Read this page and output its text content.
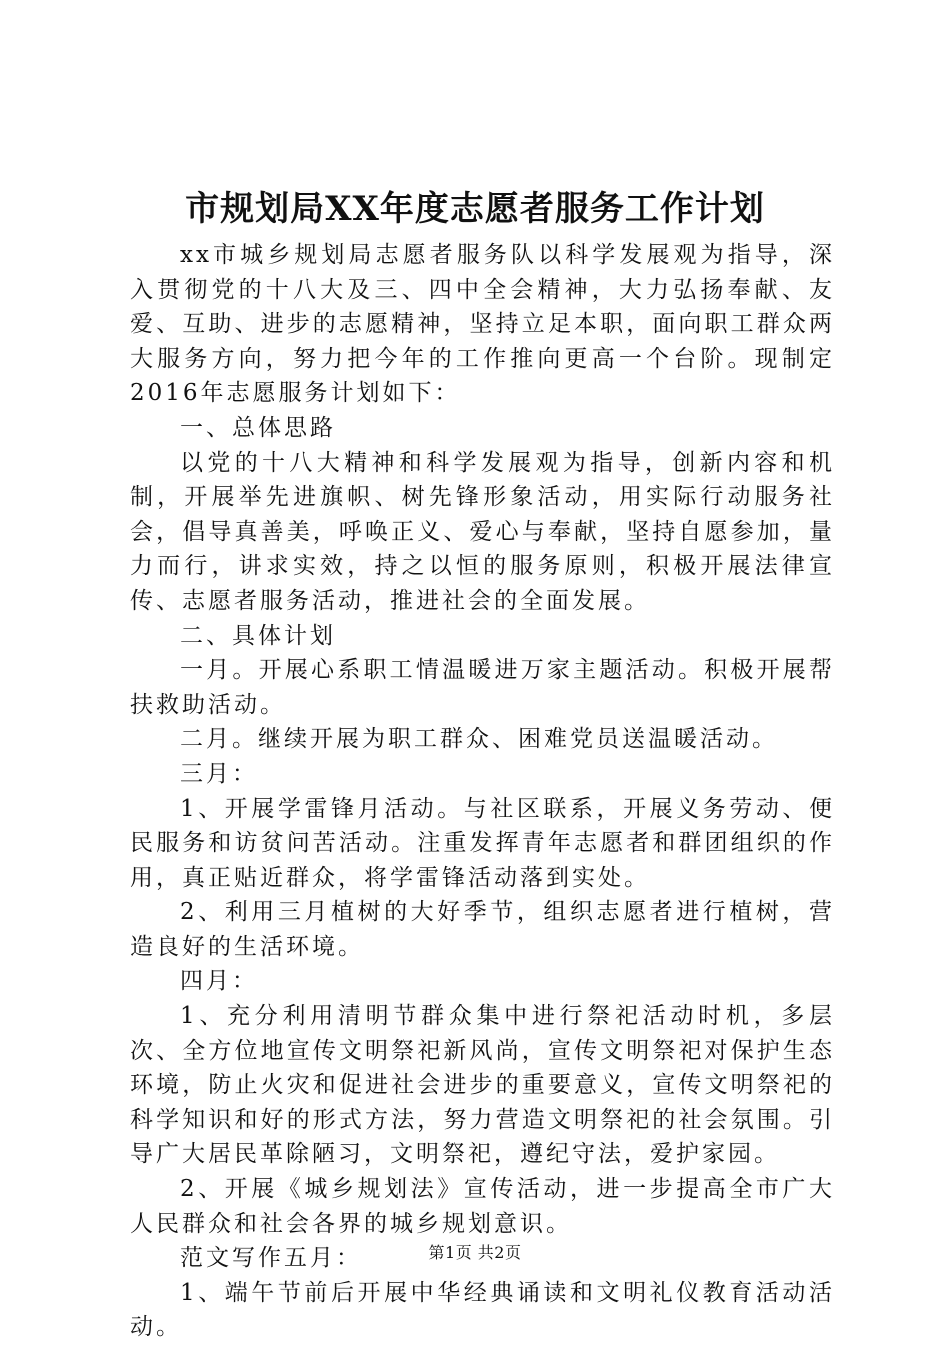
市规划局XX年度志愿者服务工作计划

xx市城乡规划局志愿者服务队以科学发展观为指导，深入贯彻党的十八大及三、四中全会精神，大力弘扬奉献、友爱、互助、进步的志愿精神，坚持立足本职，面向职工群众两大服务方向，努力把今年的工作推向更高一个台阶。现制定2016年志愿服务计划如下：

一、总体思路

以党的十八大精神和科学发展观为指导，创新内容和机制，开展举先进旗帜、树先锋形象活动，用实际行动服务社会，倡导真善美，呼唤正义、爱心与奉献，坚持自愿参加，量力而行，讲求实效，持之以恒的服务原则，积极开展法律宣传、志愿者服务活动，推进社会的全面发展。

二、具体计划

一月。开展心系职工情温暖进万家主题活动。积极开展帮扶救助活动。

二月。继续开展为职工群众、困难党员送温暖活动。

三月：

1、开展学雷锋月活动。与社区联系，开展义务劳动、便民服务和访贫问苦活动。注重发挥青年志愿者和群团组织的作用，真正贴近群众，将学雷锋活动落到实处。

2、利用三月植树的大好季节，组织志愿者进行植树，营造良好的生活环境。

四月：

1、充分利用清明节群众集中进行祭祀活动时机，多层次、全方位地宣传文明祭祀新风尚，宣传文明祭祀对保护生态环境，防止火灾和促进社会进步的重要意义，宣传文明祭祀的科学知识和好的形式方法，努力营造文明祭祀的社会氛围。引导广大居民革除陋习，文明祭祀，遵纪守法，爱护家园。

2、开展《城乡规划法》宣传活动，进一步提高全市广大人民群众和社会各界的城乡规划意识。

范文写作五月：

1、端午节前后开展中华经典诵读和文明礼仪教育活动活动。

第1页 共2页
